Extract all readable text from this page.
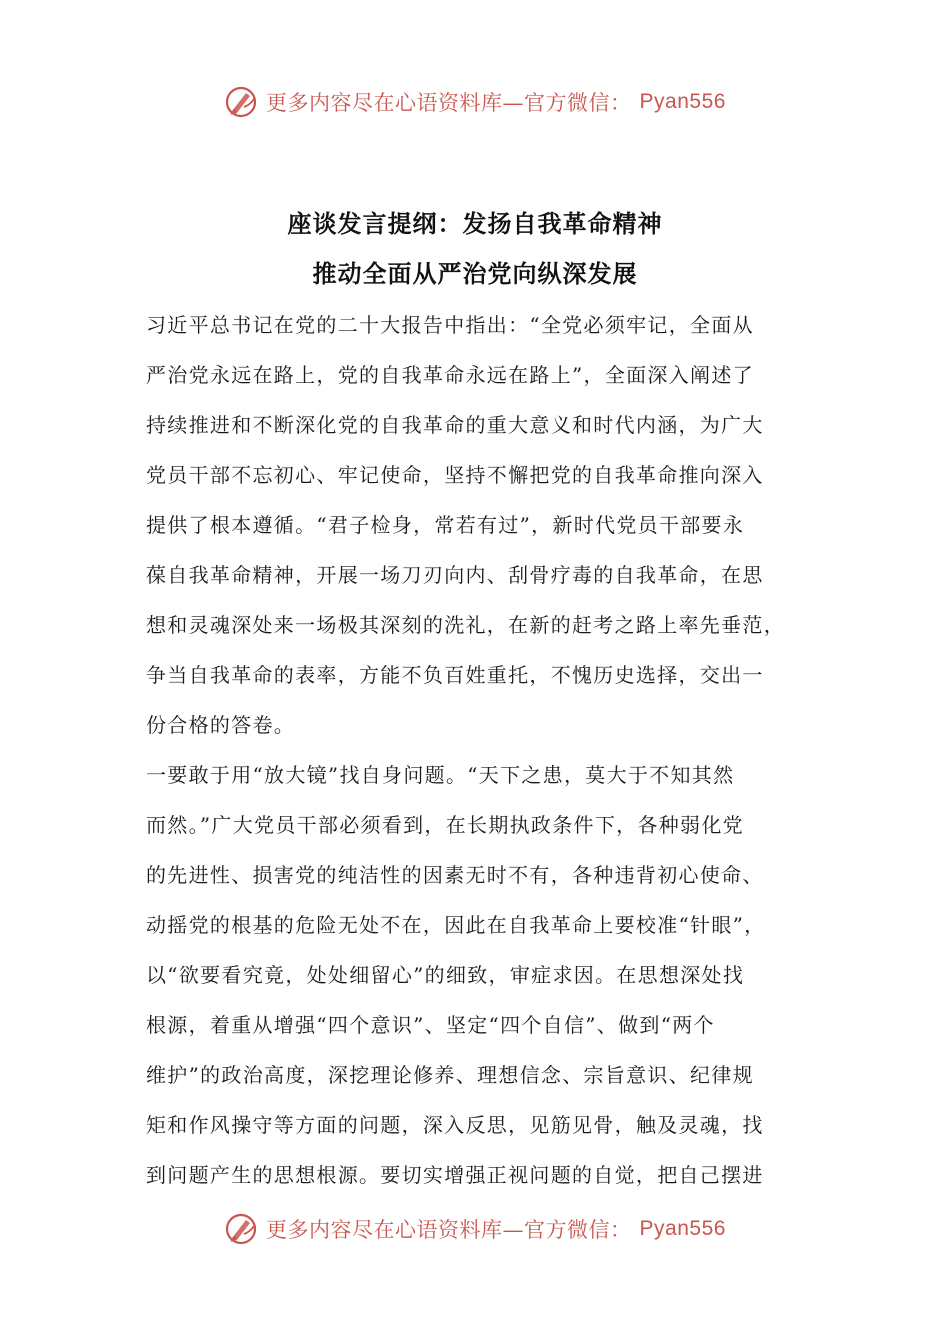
更多内容尽在心语资料库—官方微信： Pyan556
座谈发言提纲：发扬自我革命精神
推动全面从严治党向纵深发展
习近平总书记在党的二十大报告中指出：“全党必须牢记，全面从
严治党永远在路上，党的自我革命永远在路上”，全面深入阐述了
持续推进和不断深化党的自我革命的重大意义和时代内涵，为广大
党员干部不忘初心、牢记使命，坚持不懈把党的自我革命推向深入
提供了根本遵循。“君子检身，常若有过”，新时代党员干部要永
葆自我革命精神，开展一场刀刃向内、刮骨疗毒的自我革命，在思
想和灵魂深处来一场极其深刻的洗礼，在新的赶考之路上率先垂范，
争当自我革命的表率，方能不负百姓重托，不愧历史选择，交出一
份合格的答卷。
一要敢于用“放大镜”找自身问题。“天下之患，莫大于不知其然
而然。”广大党员干部必须看到，在长期执政条件下，各种弱化党
的先进性、损害党的纯洁性的因素无时不有，各种违背初心使命、
动摇党的根基的危险无处不在，因此在自我革命上要校准“针眼”，
以“欲要看究竟，处处细留心”的细致，审症求因。在思想深处找
根源，着重从增强“四个意识”、坚定“四个自信”、做到“两个
维护”的政治高度，深挖理论修养、理想信念、宗旨意识、纪律规
矩和作风操守等方面的问题，深入反思，见筋见骨，触及灵魂，找
到问题产生的思想根源。要切实增强正视问题的自觉，把自己摆进
更多内容尽在心语资料库—官方微信： Pyan556
